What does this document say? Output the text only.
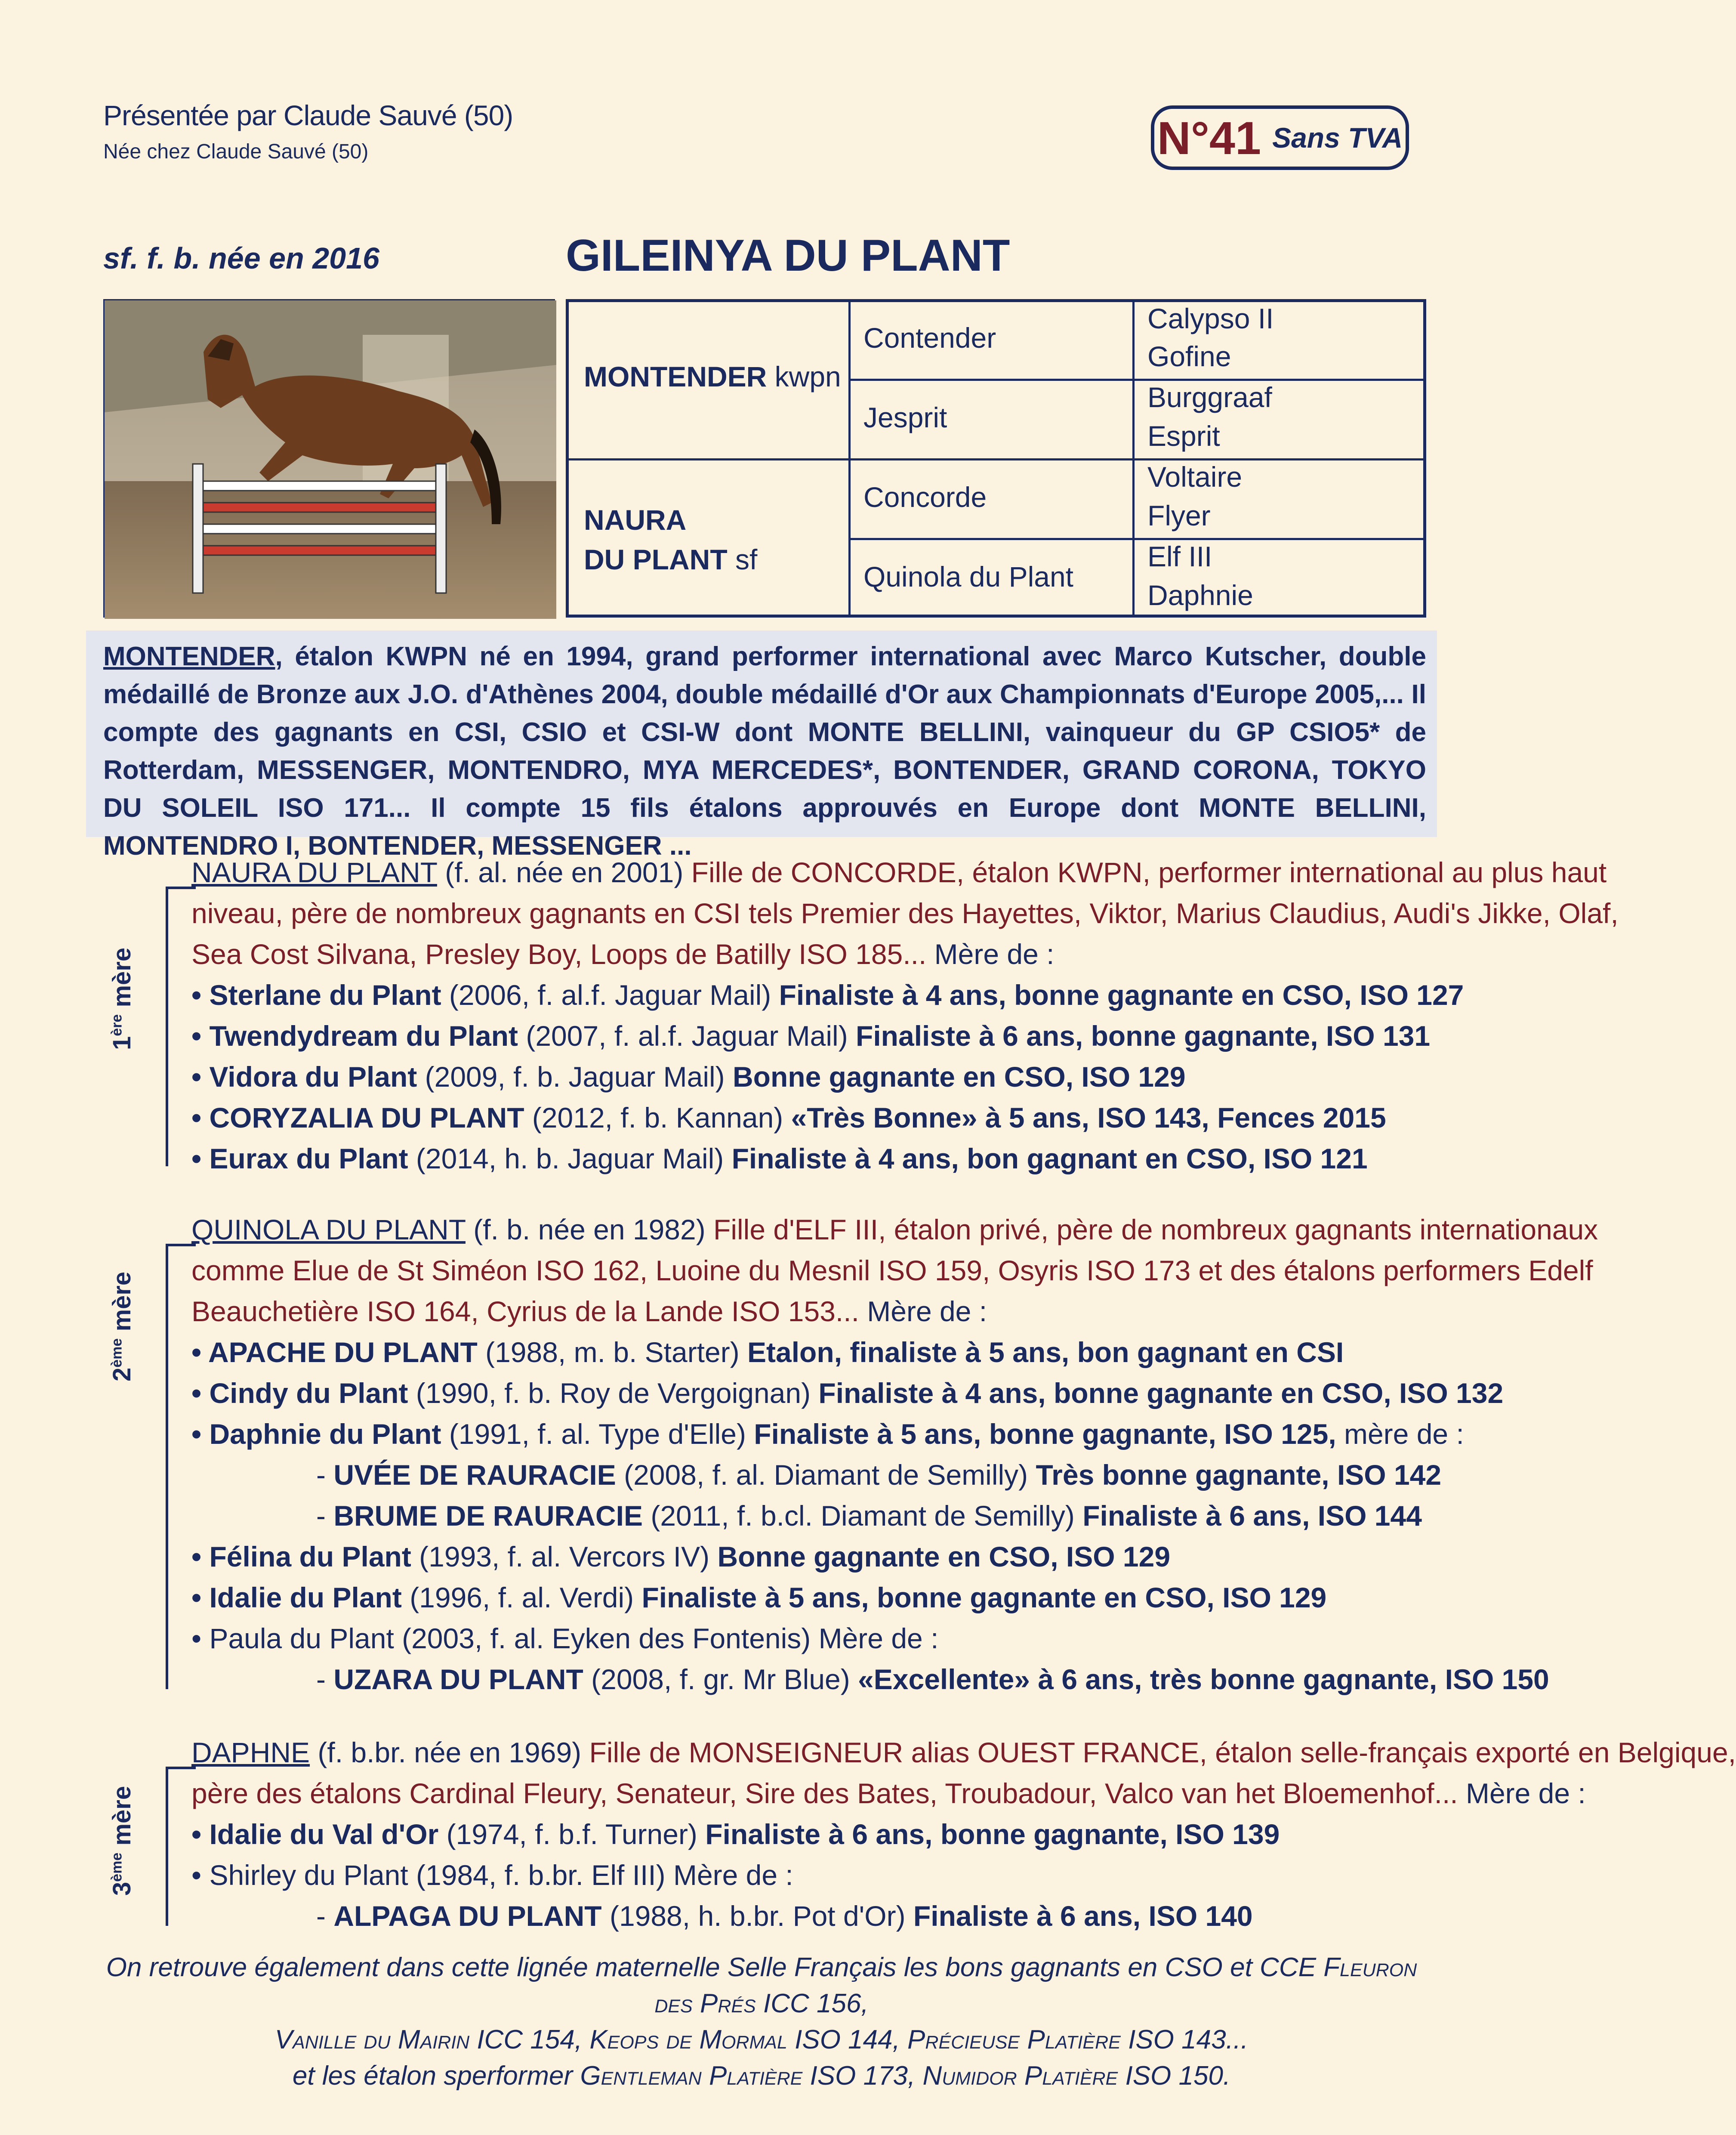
Présentée par Claude Sauvé (50)
Née chez Claude Sauvé (50)	N°41 Sans TVA
sf. f. b. née en 2016	GILEINYA DU PLANT
MONTENDER kwpn
NAURA
DU PLANT sf
Contender
Jesprit
Concorde
Quinola du Plant
Calypso II
Gofine
Burggraaf
Esprit
Voltaire
Flyer
Elf III
Daphnie
MONTENDER, étalon KWPN né en 1994, grand performer international avec Marco Kutscher, double médaillé de Bronze aux J.O. d'Athènes 2004, double médaillé d'Or aux Championnats d'Europe 2005,... Il compte des gagnants en CSI, CSIO et CSI-W dont MONTE BELLINI, vainqueur du GP CSIO5* de Rotterdam, MESSENGER, MONTENDRO, MYA MERCEDES*, BONTENDER, GRAND CORONA, TOKYO DU SOLEIL ISO 171... Il compte 15 fils étalons approuvés en Europe dont MONTE BELLINI, MONTENDRO I, BONTENDER, MESSENGER ...
1ère mère
NAURA DU PLANT (f. al. née en 2001) Fille de CONCORDE, étalon KWPN, performer international au plus haut
niveau, père de nombreux gagnants en CSI tels Premier des Hayettes, Viktor, Marius Claudius, Audi's Jikke, Olaf,
Sea Cost Silvana, Presley Boy, Loops de Batilly ISO 185... Mère de :
• Sterlane du Plant (2006, f. al.f. Jaguar Mail) Finaliste à 4 ans, bonne gagnante en CSO, ISO 127
• Twendydream du Plant (2007, f. al.f. Jaguar Mail) Finaliste à 6 ans, bonne gagnante, ISO 131
• Vidora du Plant (2009, f. b. Jaguar Mail) Bonne gagnante en CSO, ISO 129
• CORYZALIA DU PLANT (2012, f. b. Kannan) «Très Bonne» à 5 ans, ISO 143, Fences 2015
• Eurax du Plant (2014, h. b. Jaguar Mail) Finaliste à 4 ans, bon gagnant en CSO, ISO 121
2ème mère
QUINOLA DU PLANT (f. b. née en 1982) Fille d'ELF III, étalon privé, père de nombreux gagnants internationaux
comme Elue de St Siméon ISO 162, Luoine du Mesnil ISO 159, Osyris ISO 173 et des étalons performers Edelf
Beauchetière ISO 164, Cyrius de la Lande ISO 153... Mère de :
• APACHE DU PLANT (1988, m. b. Starter) Etalon, finaliste à 5 ans, bon gagnant en CSI
• Cindy du Plant (1990, f. b. Roy de Vergoignan) Finaliste à 4 ans, bonne gagnante en CSO, ISO 132
• Daphnie du Plant (1991, f. al. Type d'Elle) Finaliste à 5 ans, bonne gagnante, ISO 125, mère de :
- UVÉE DE RAURACIE (2008, f. al. Diamant de Semilly) Très bonne gagnante, ISO 142
- BRUME DE RAURACIE (2011, f. b.cl. Diamant de Semilly) Finaliste à 6 ans, ISO 144
• Félina du Plant (1993, f. al. Vercors IV) Bonne gagnante en CSO, ISO 129
• Idalie du Plant (1996, f. al. Verdi) Finaliste à 5 ans, bonne gagnante en CSO, ISO 129
• Paula du Plant (2003, f. al. Eyken des Fontenis) Mère de :
- UZARA DU PLANT (2008, f. gr. Mr Blue) «Excellente» à 6 ans, très bonne gagnante, ISO 150
3ème mère
DAPHNE (f. b.br. née en 1969) Fille de MONSEIGNEUR alias OUEST FRANCE, étalon selle-français exporté en Belgique,
père des étalons Cardinal Fleury, Senateur, Sire des Bates, Troubadour, Valco van het Bloemenhof... Mère de :
• Idalie du Val d'Or (1974, f. b.f. Turner) Finaliste à 6 ans, bonne gagnante, ISO 139
• Shirley du Plant (1984, f. b.br. Elf III) Mère de :
- ALPAGA DU PLANT (1988, h. b.br. Pot d'Or) Finaliste à 6 ans, ISO 140
On retrouve également dans cette lignée maternelle Selle Français les bons gagnants en CSO et CCE Fleuron des Prés ICC 156,
Vanille du Mairin ICC 154, Keops de Mormal ISO 144, Précieuse Platière ISO 143...
et les étalon sperformer Gentleman Platière ISO 173, Numidor Platière ISO 150.
